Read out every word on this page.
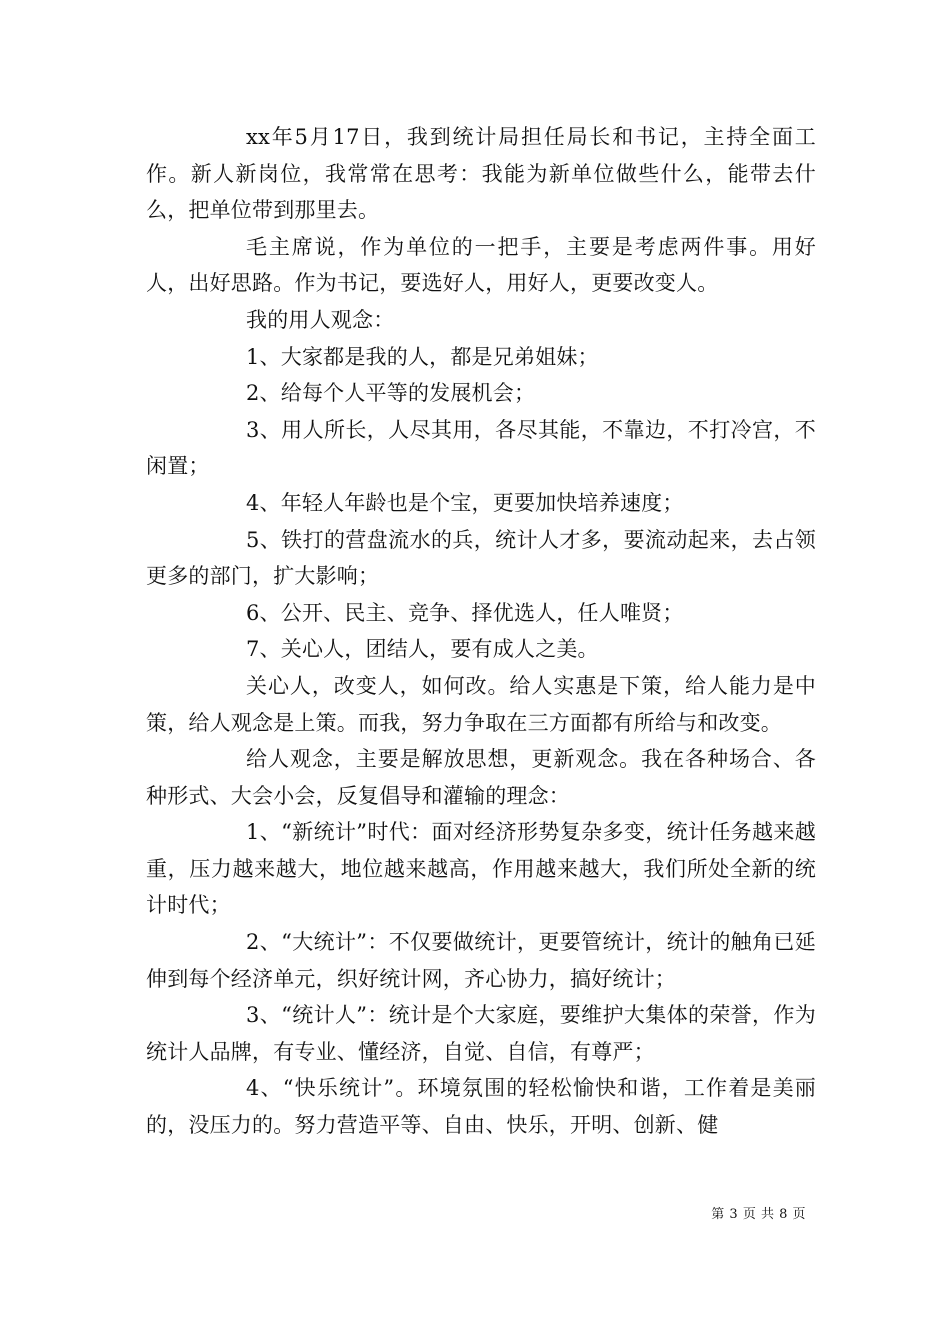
xx年5月17日，我到统计局担任局长和书记，主持全面工作。新人新岗位，我常常在思考：我能为新单位做些什么，能带去什么，把单位带到那里去。

毛主席说，作为单位的一把手，主要是考虑两件事。用好人，出好思路。作为书记，要选好人，用好人，更要改变人。

我的用人观念：

1、大家都是我的人，都是兄弟姐妹；

2、给每个人平等的发展机会；

3、用人所长，人尽其用，各尽其能，不靠边，不打冷宫，不闲置；

4、年轻人年龄也是个宝，更要加快培养速度；

5、铁打的营盘流水的兵，统计人才多，要流动起来，去占领更多的部门，扩大影响；

6、公开、民主、竞争、择优选人，任人唯贤；

7、关心人，团结人，要有成人之美。

关心人，改变人，如何改。给人实惠是下策，给人能力是中策，给人观念是上策。而我，努力争取在三方面都有所给与和改变。

给人观念，主要是解放思想，更新观念。我在各种场合、各种形式、大会小会，反复倡导和灌输的理念：

1、“新统计”时代：面对经济形势复杂多变，统计任务越来越重，压力越来越大，地位越来越高，作用越来越大，我们所处全新的统计时代；

2、“大统计”：不仅要做统计，更要管统计，统计的触角已延伸到每个经济单元，织好统计网，齐心协力，搞好统计；

3、“统计人”：统计是个大家庭，要维护大集体的荣誉，作为统计人品牌，有专业、懂经济，自觉、自信，有尊严；

4、“快乐统计”。环境氛围的轻松愉快和谐，工作着是美丽的，没压力的。努力营造平等、自由、快乐，开明、创新、健

第 3 页 共 8 页
